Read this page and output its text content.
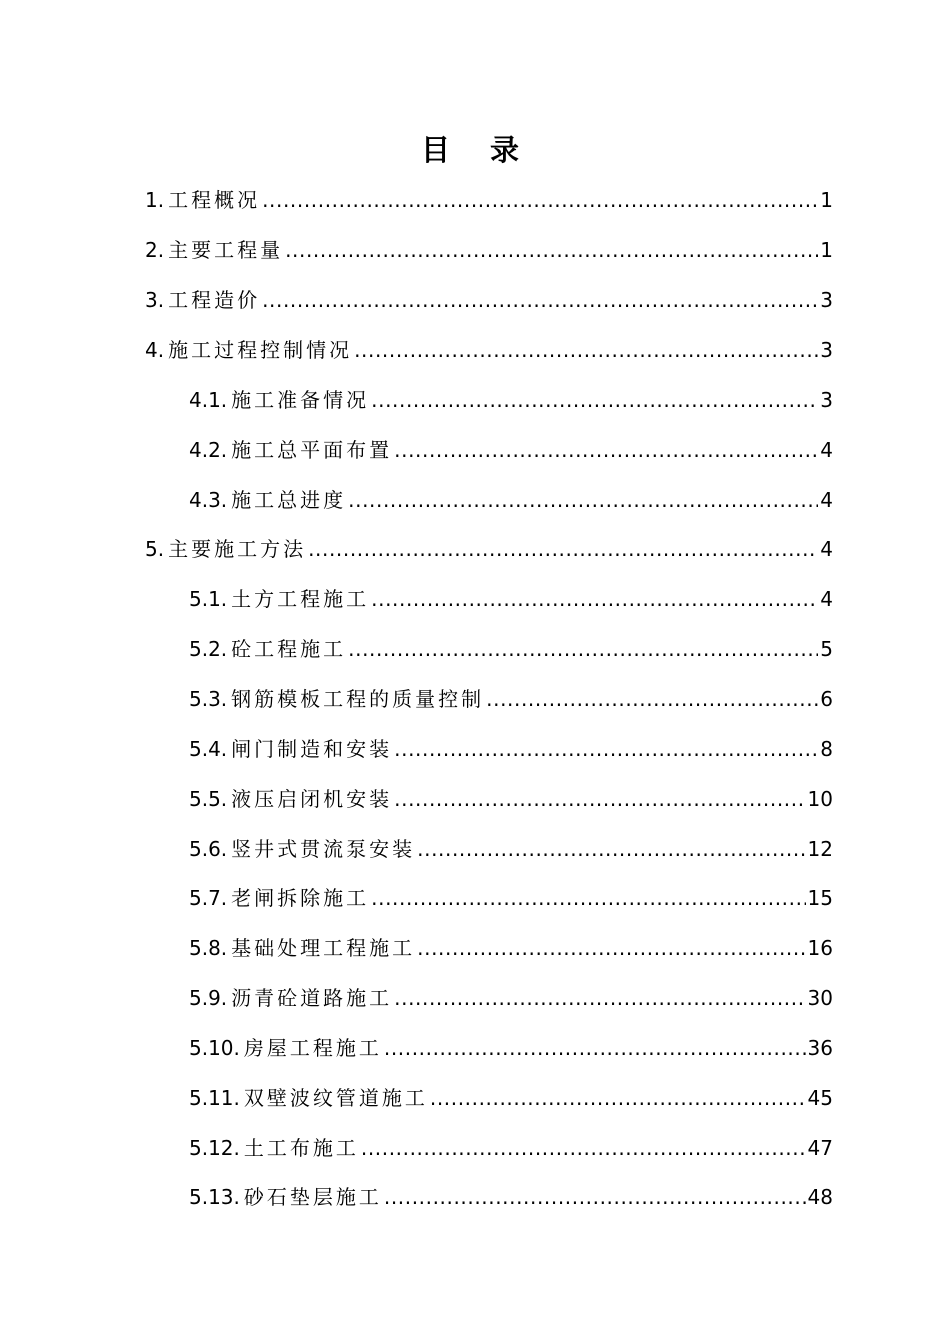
目录
1. 工程概况 .....	1
2. 主要工程量 .....	1
3. 工程造价 .....	3
4. 施工过程控制情况 .....	3
4.1. 施工准备情况 .....	3
4.2. 施工总平面布置 .....	4
4.3. 施工总进度 .....	4
5. 主要施工方法 .....	4
5.1. 土方工程施工 .....	4
5.2. 砼工程施工 .....	5
5.3. 钢筋模板工程的质量控制 .....	6
5.4. 闸门制造和安装 .....	8
5.5. 液压启闭机安装 .....	10
5.6. 竖井式贯流泵安装 .....	12
5.7. 老闸拆除施工 .....	15
5.8. 基础处理工程施工 .....	16
5.9. 沥青砼道路施工 .....	30
5.10. 房屋工程施工 .....	36
5.11. 双壁波纹管道施工 .....	45
5.12. 土工布施工 .....	47
5.13. 砂石垫层施工 .....	48
